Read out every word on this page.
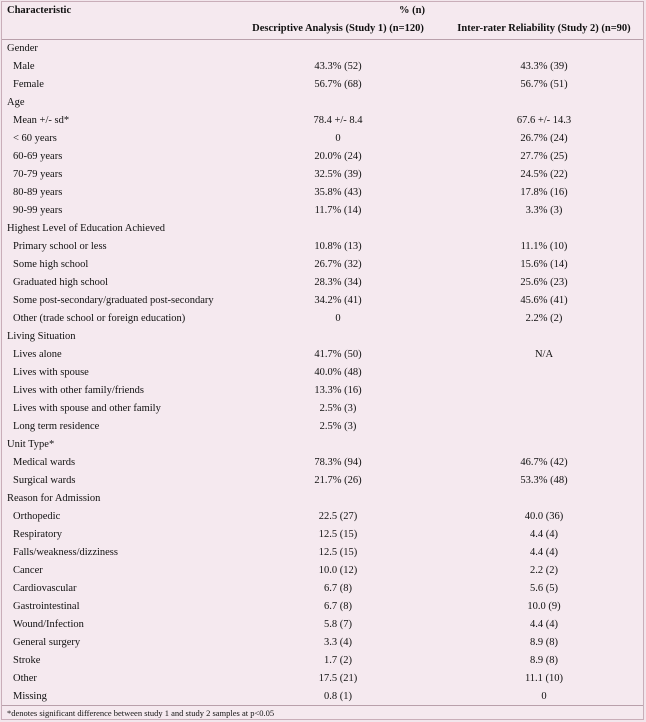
Characteristic	% (n)
Descriptive Analysis (Study 1) (n=120)	Inter-rater Reliability (Study 2) (n=90)
Gender
Male	43.3% (52)	43.3% (39)
Female	56.7% (68)	56.7% (51)
Age
Mean +/- sd*	78.4 +/- 8.4	67.6 +/- 14.3
< 60 years	0	26.7% (24)
60-69 years	20.0% (24)	27.7% (25)
70-79 years	32.5% (39)	24.5% (22)
80-89 years	35.8% (43)	17.8% (16)
90-99 years	11.7% (14)	3.3% (3)
Highest Level of Education Achieved
Primary school or less	10.8% (13)	11.1% (10)
Some high school	26.7% (32)	15.6% (14)
Graduated high school	28.3% (34)	25.6% (23)
Some post-secondary/graduated post-secondary	34.2% (41)	45.6% (41)
Other (trade school or foreign education)	0	2.2% (2)
Living Situation
Lives alone	41.7% (50)	N/A
Lives with spouse	40.0% (48)
Lives with other family/friends	13.3% (16)
Lives with spouse and other family	2.5% (3)
Long term residence	2.5% (3)
Unit Type*
Medical wards	78.3% (94)	46.7% (42)
Surgical wards	21.7% (26)	53.3% (48)
Reason for Admission
Orthopedic	22.5 (27)	40.0 (36)
Respiratory	12.5 (15)	4.4 (4)
Falls/weakness/dizziness	12.5 (15)	4.4 (4)
Cancer	10.0 (12)	2.2 (2)
Cardiovascular	6.7 (8)	5.6 (5)
Gastrointestinal	6.7 (8)	10.0 (9)
Wound/Infection	5.8 (7)	4.4 (4)
General surgery	3.3 (4)	8.9 (8)
Stroke	1.7 (2)	8.9 (8)
Other	17.5 (21)	11.1 (10)
Missing	0.8 (1)	0
*denotes significant difference between study 1 and study 2 samples at p<0.05
